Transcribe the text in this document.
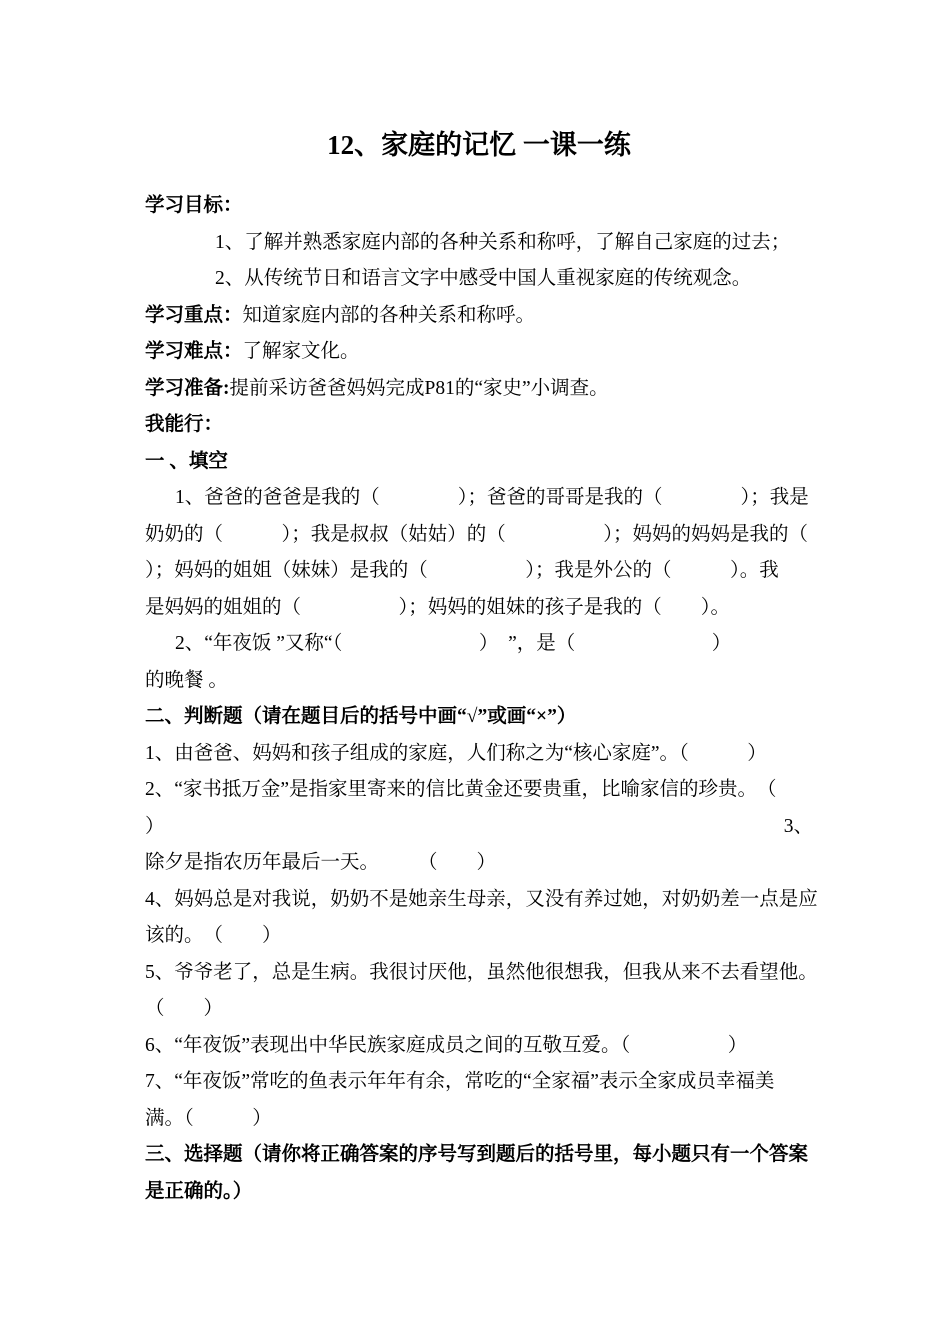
12、家庭的记忆 一课一练

学习目标：

1、了解并熟悉家庭内部的各种关系和称呼，了解自己家庭的过去；

2、从传统节日和语言文字中感受中国人重视家庭的传统观念。

学习重点：知道家庭内部的各种关系和称呼。

学习难点：了解家文化。

学习准备:提前采访爸爸妈妈完成P81的“家史”小调查。

我能行：

一 、填空

1、爸爸的爸爸是我的（　　　　）；爸爸的哥哥是我的（　　　　）；我是

奶奶的（　　　）；我是叔叔（姑姑）的（　　　　　）；妈妈的妈妈是我的（

）；妈妈的姐姐（妹妹）是我的（　　　　　）；我是外公的（　　　）。我

是妈妈的姐姐的（　　　　　）；妈妈的姐妹的孩子是我的（　　）。

2、“年夜饭 ”又称“（　　　　　　　）　”，是（　　　　　　　）

的晚餐 。

二、判断题（请在题目后的括号中画“√”或画“×”）

1、由爸爸、妈妈和孩子组成的家庭，人们称之为“核心家庭”。（　　　）

2、“家书抵万金”是指家里寄来的信比黄金还要贵重，比喻家信的珍贵。　（

）	3、

除夕是指农历年最后一天。　　　（　　）

4、妈妈总是对我说，奶奶不是她亲生母亲，又没有养过她，对奶奶差一点是应

该的。　（　　）

5、爷爷老了，总是生病。我很讨厌他，虽然他很想我，但我从来不去看望他。

（　　）

6、“年夜饭”表现出中华民族家庭成员之间的互敬互爱。（　　　　　）

7、“年夜饭”常吃的鱼表示年年有余，常吃的“全家福”表示全家成员幸福美

满。（　　　）

三、选择题（请你将正确答案的序号写到题后的括号里，每小题只有一个答案

是正确的。）
